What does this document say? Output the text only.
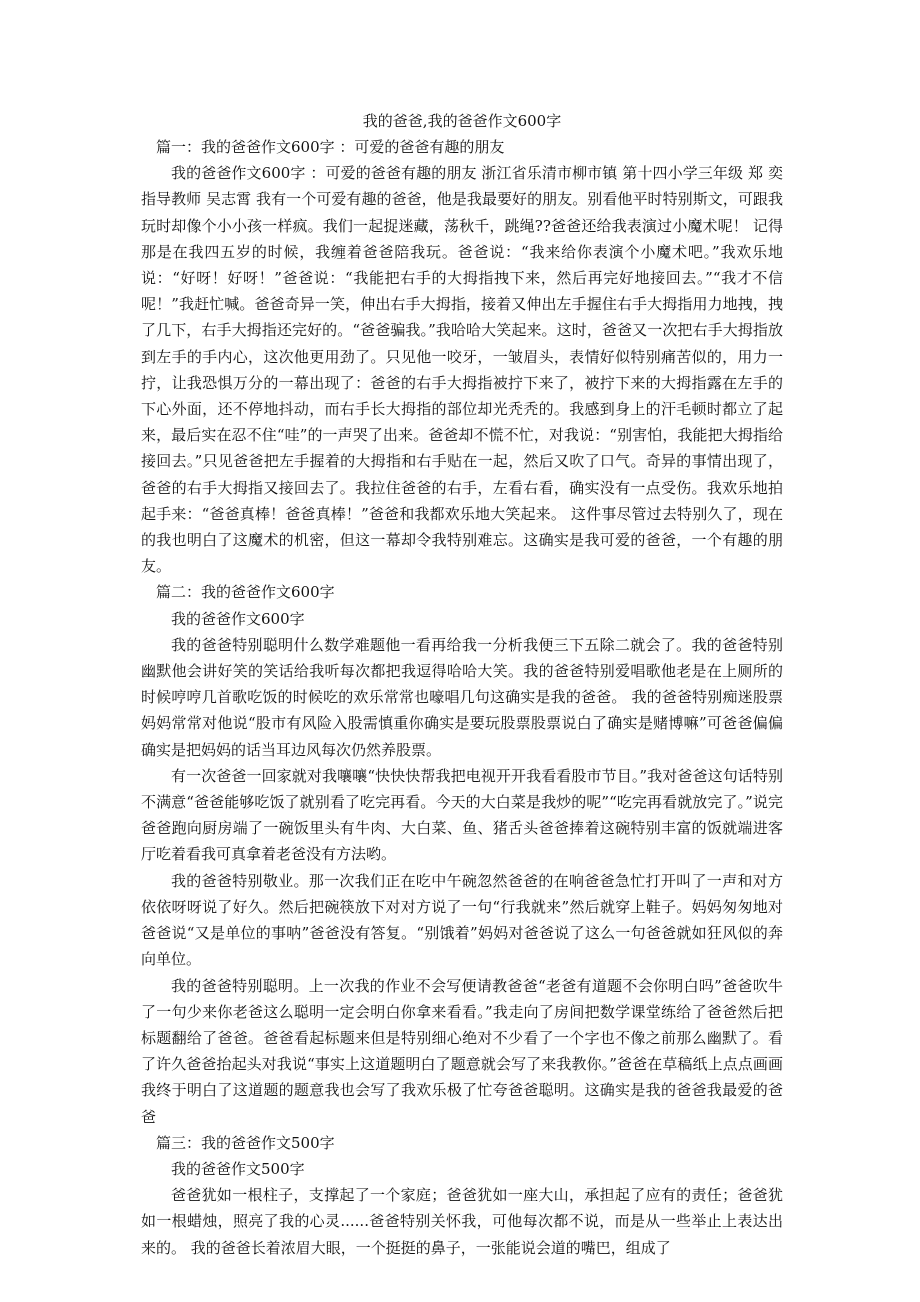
我的爸爸,我的爸爸作文600字

篇一：我的爸爸作文600字 ：可爱的爸爸有趣的朋友

我的爸爸作文600字 ：可爱的爸爸有趣的朋友 浙江省乐清市柳市镇 第十四小学三年级 郑 奕 指导教师 吴志霄 我有一个可爱有趣的爸爸，他是我最要好的朋友。别看他平时特别斯文，可跟我玩时却像个小小孩一样疯。我们一起捉迷藏，荡秋千，跳绳??爸爸还给我表演过小魔术呢！ 记得那是在我四五岁的时候，我缠着爸爸陪我玩。爸爸说：“我来给你表演个小魔术吧。”我欢乐地说：“好呀！好呀！”爸爸说：“我能把右手的大拇指拽下来，然后再完好地接回去。”“我才不信呢！”我赶忙喊。爸爸奇异一笑，伸出右手大拇指，接着又伸出左手握住右手大拇指用力地拽，拽了几下，右手大拇指还完好的。“爸爸骗我。”我哈哈大笑起来。这时，爸爸又一次把右手大拇指放到左手的手内心，这次他更用劲了。只见他一咬牙，一皱眉头，表情好似特别痛苦似的，用力一拧，让我恐惧万分的一幕出现了：爸爸的右手大拇指被拧下来了，被拧下来的大拇指露在左手的下心外面，还不停地抖动，而右手长大拇指的部位却光秃秃的。我感到身上的汗毛顿时都立了起来，最后实在忍不住“哇”的一声哭了出来。爸爸却不慌不忙，对我说：“别害怕，我能把大拇指给接回去。”只见爸爸把左手握着的大拇指和右手贴在一起，然后又吹了口气。奇异的事情出现了，爸爸的右手大拇指又接回去了。我拉住爸爸的右手，左看右看，确实没有一点受伤。我欢乐地拍起手来：“爸爸真棒！爸爸真棒！”爸爸和我都欢乐地大笑起来。 这件事尽管过去特别久了，现在的我也明白了这魔术的机密，但这一幕却令我特别难忘。这确实是我可爱的爸爸，一个有趣的朋友。

篇二：我的爸爸作文600字

我的爸爸作文600字

我的爸爸特别聪明什么数学难题他一看再给我一分析我便三下五除二就会了。我的爸爸特别幽默他会讲好笑的笑话给我听每次都把我逗得哈哈大笑。我的爸爸特别爱唱歌他老是在上厕所的时候哼哼几首歌吃饭的时候吃的欢乐常常也嚎唱几句这确实是我的爸爸。 我的爸爸特别痴迷股票妈妈常常对他说“股市有风险入股需慎重你确实是要玩股票股票说白了确实是赌博嘛”可爸爸偏偏确实是把妈妈的话当耳边风每次仍然养股票。

有一次爸爸一回家就对我嚷嚷“快快快帮我把电视开开我看看股市节目。”我对爸爸这句话特别不满意“爸爸能够吃饭了就别看了吃完再看。今天的大白菜是我炒的呢”“吃完再看就放完了。”说完爸爸跑向厨房端了一碗饭里头有牛肉、大白菜、鱼、猪舌头爸爸捧着这碗特别丰富的饭就端进客厅吃着看我可真拿着老爸没有方法哟。

我的爸爸特别敬业。那一次我们正在吃中午碗忽然爸爸的在响爸爸急忙打开叫了一声和对方依依呀呀说了好久。然后把碗筷放下对对方说了一句“行我就来”然后就穿上鞋子。妈妈匆匆地对爸爸说“又是单位的事呐”爸爸没有答复。“别饿着”妈妈对爸爸说了这么一句爸爸就如狂风似的奔向单位。

我的爸爸特别聪明。上一次我的作业不会写便请教爸爸“老爸有道题不会你明白吗”爸爸吹牛了一句少来你老爸这么聪明一定会明白你拿来看看。”我走向了房间把数学课堂练给了爸爸然后把标题翻给了爸爸。爸爸看起标题来但是特别细心绝对不少看了一个字也不像之前那么幽默了。看了许久爸爸抬起头对我说“事实上这道题明白了题意就会写了来我教你。”爸爸在草稿纸上点点画画我终于明白了这道题的题意我也会写了我欢乐极了忙夸爸爸聪明。这确实是我的爸爸我最爱的爸爸

篇三：我的爸爸作文500字

我的爸爸作文500字

爸爸犹如一根柱子，支撑起了一个家庭；爸爸犹如一座大山，承担起了应有的责任；爸爸犹如一根蜡烛，照亮了我的心灵......爸爸特别关怀我，可他每次都不说，而是从一些举止上表达出来的。 我的爸爸长着浓眉大眼，一个挺挺的鼻子，一张能说会道的嘴巴，组成了
